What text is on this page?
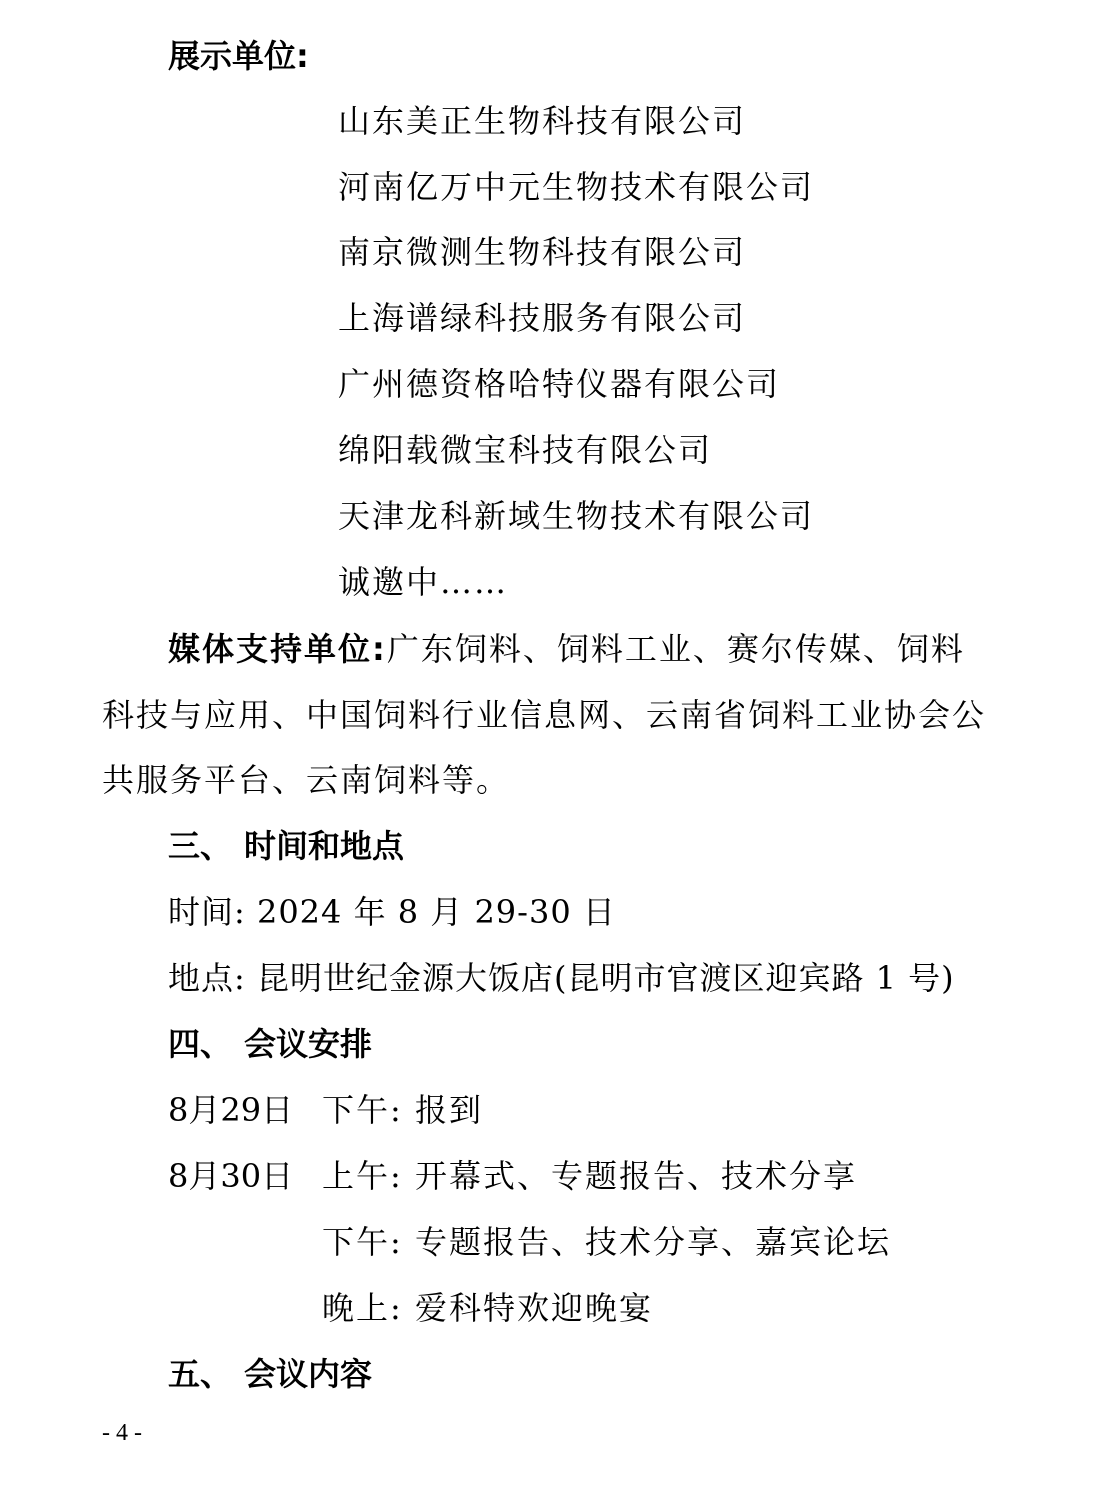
展示单位:
山东美正生物科技有限公司
河南亿万中元生物技术有限公司
南京微测生物科技有限公司
上海谱绿科技服务有限公司
广州德资格哈特仪器有限公司
绵阳载微宝科技有限公司
天津龙科新域生物技术有限公司
诚邀中……
媒体支持单位:广东饲料、饲料工业、赛尔传媒、饲料
科技与应用、中国饲料行业信息网、云南省饲料工业协会公
共服务平台、云南饲料等。
三、 时间和地点
时间: 2024 年 8 月 29-30 日
地点: 昆明世纪金源大饭店(昆明市官渡区迎宾路 1 号)
四、 会议安排
8月29日 下午: 报到
8月30日 上午: 开幕式、专题报告、技术分享
下午: 专题报告、技术分享、嘉宾论坛
晚上: 爱科特欢迎晚宴
五、 会议内容
- 4 -
